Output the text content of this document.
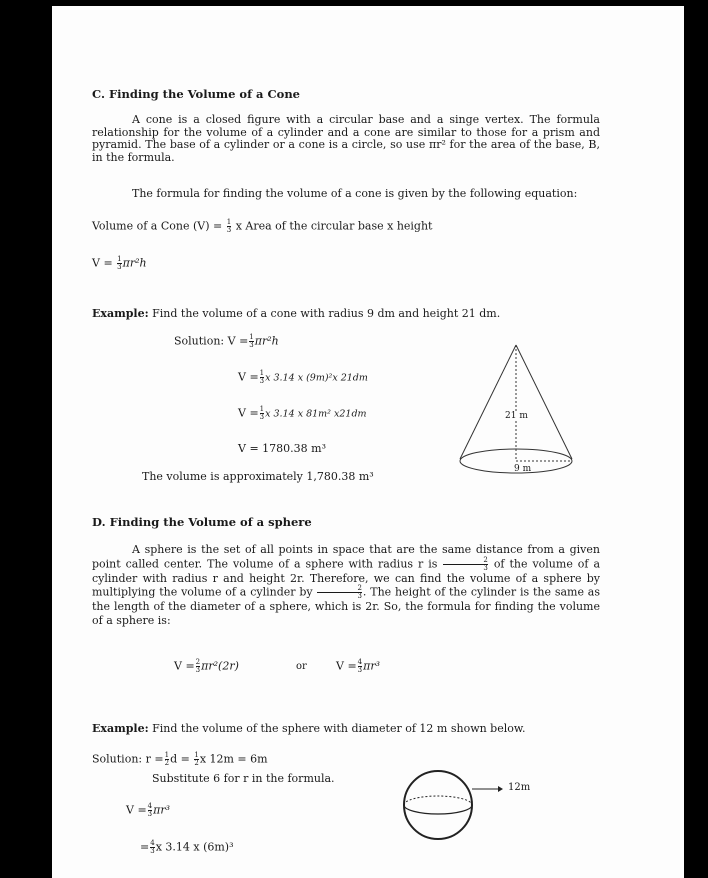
C. Finding the Volume of a Cone
A cone is a closed figure with a circular base and a singe vertex. The formula relationship for the volume of a cylinder and a cone are similar to those for a prism and pyramid. The base of a cylinder or a cone is a circle, so use πr² for the area of the base, B, in the formula.
The formula for finding the volume of a cone is given by the following equation:
Volume of a Cone $(V) = \frac{1}{3}$ x Area of the circular base x height
$V = \frac{1}{3} \pi r^2h$
Example: Find the volume of a cone with radius 9 dm and height 21 dm.
Solution: $V = \frac{1}{3} \pi r^2h$
$V = \frac{1}{3}$ x 3.14 x (9m)²x 21dm
$V = \frac{1}{3}$ x 3.14 x 81m² x21dm
V = 1780.38 m³
The volume is approximately 1,780.38 m³
21 m
9 m
D. Finding the Volume of a sphere
A sphere is the set of all points in space that are the same distance from a given point called center. The volume of a sphere with radius r is $\frac{2}{3}$ of the volume of a cylinder with radius r and height 2r. Therefore, we can find the volume of a sphere by multiplying the volume of a cylinder by $\frac{2}{3}$ . The height of the cylinder is the same as the length of the diameter of a sphere, which is 2r. So, the formula for finding the volume of a sphere is:
$V = \frac{2}{3} \pi r^2(2r)$	or	$V = \frac{4}{3} \pi r^3$
Example: Find the volume of the sphere with diameter of 12 m shown below.
Solution: $r = \frac{1}{2}$ $d = \frac{1}{2}$ x 12m = 6m
Substitute 6 for r in the formula.
$V = \frac{4}{3} \pi r^3$
= $\frac{4}{3}$ x 3.14 x (6m)³
12m
